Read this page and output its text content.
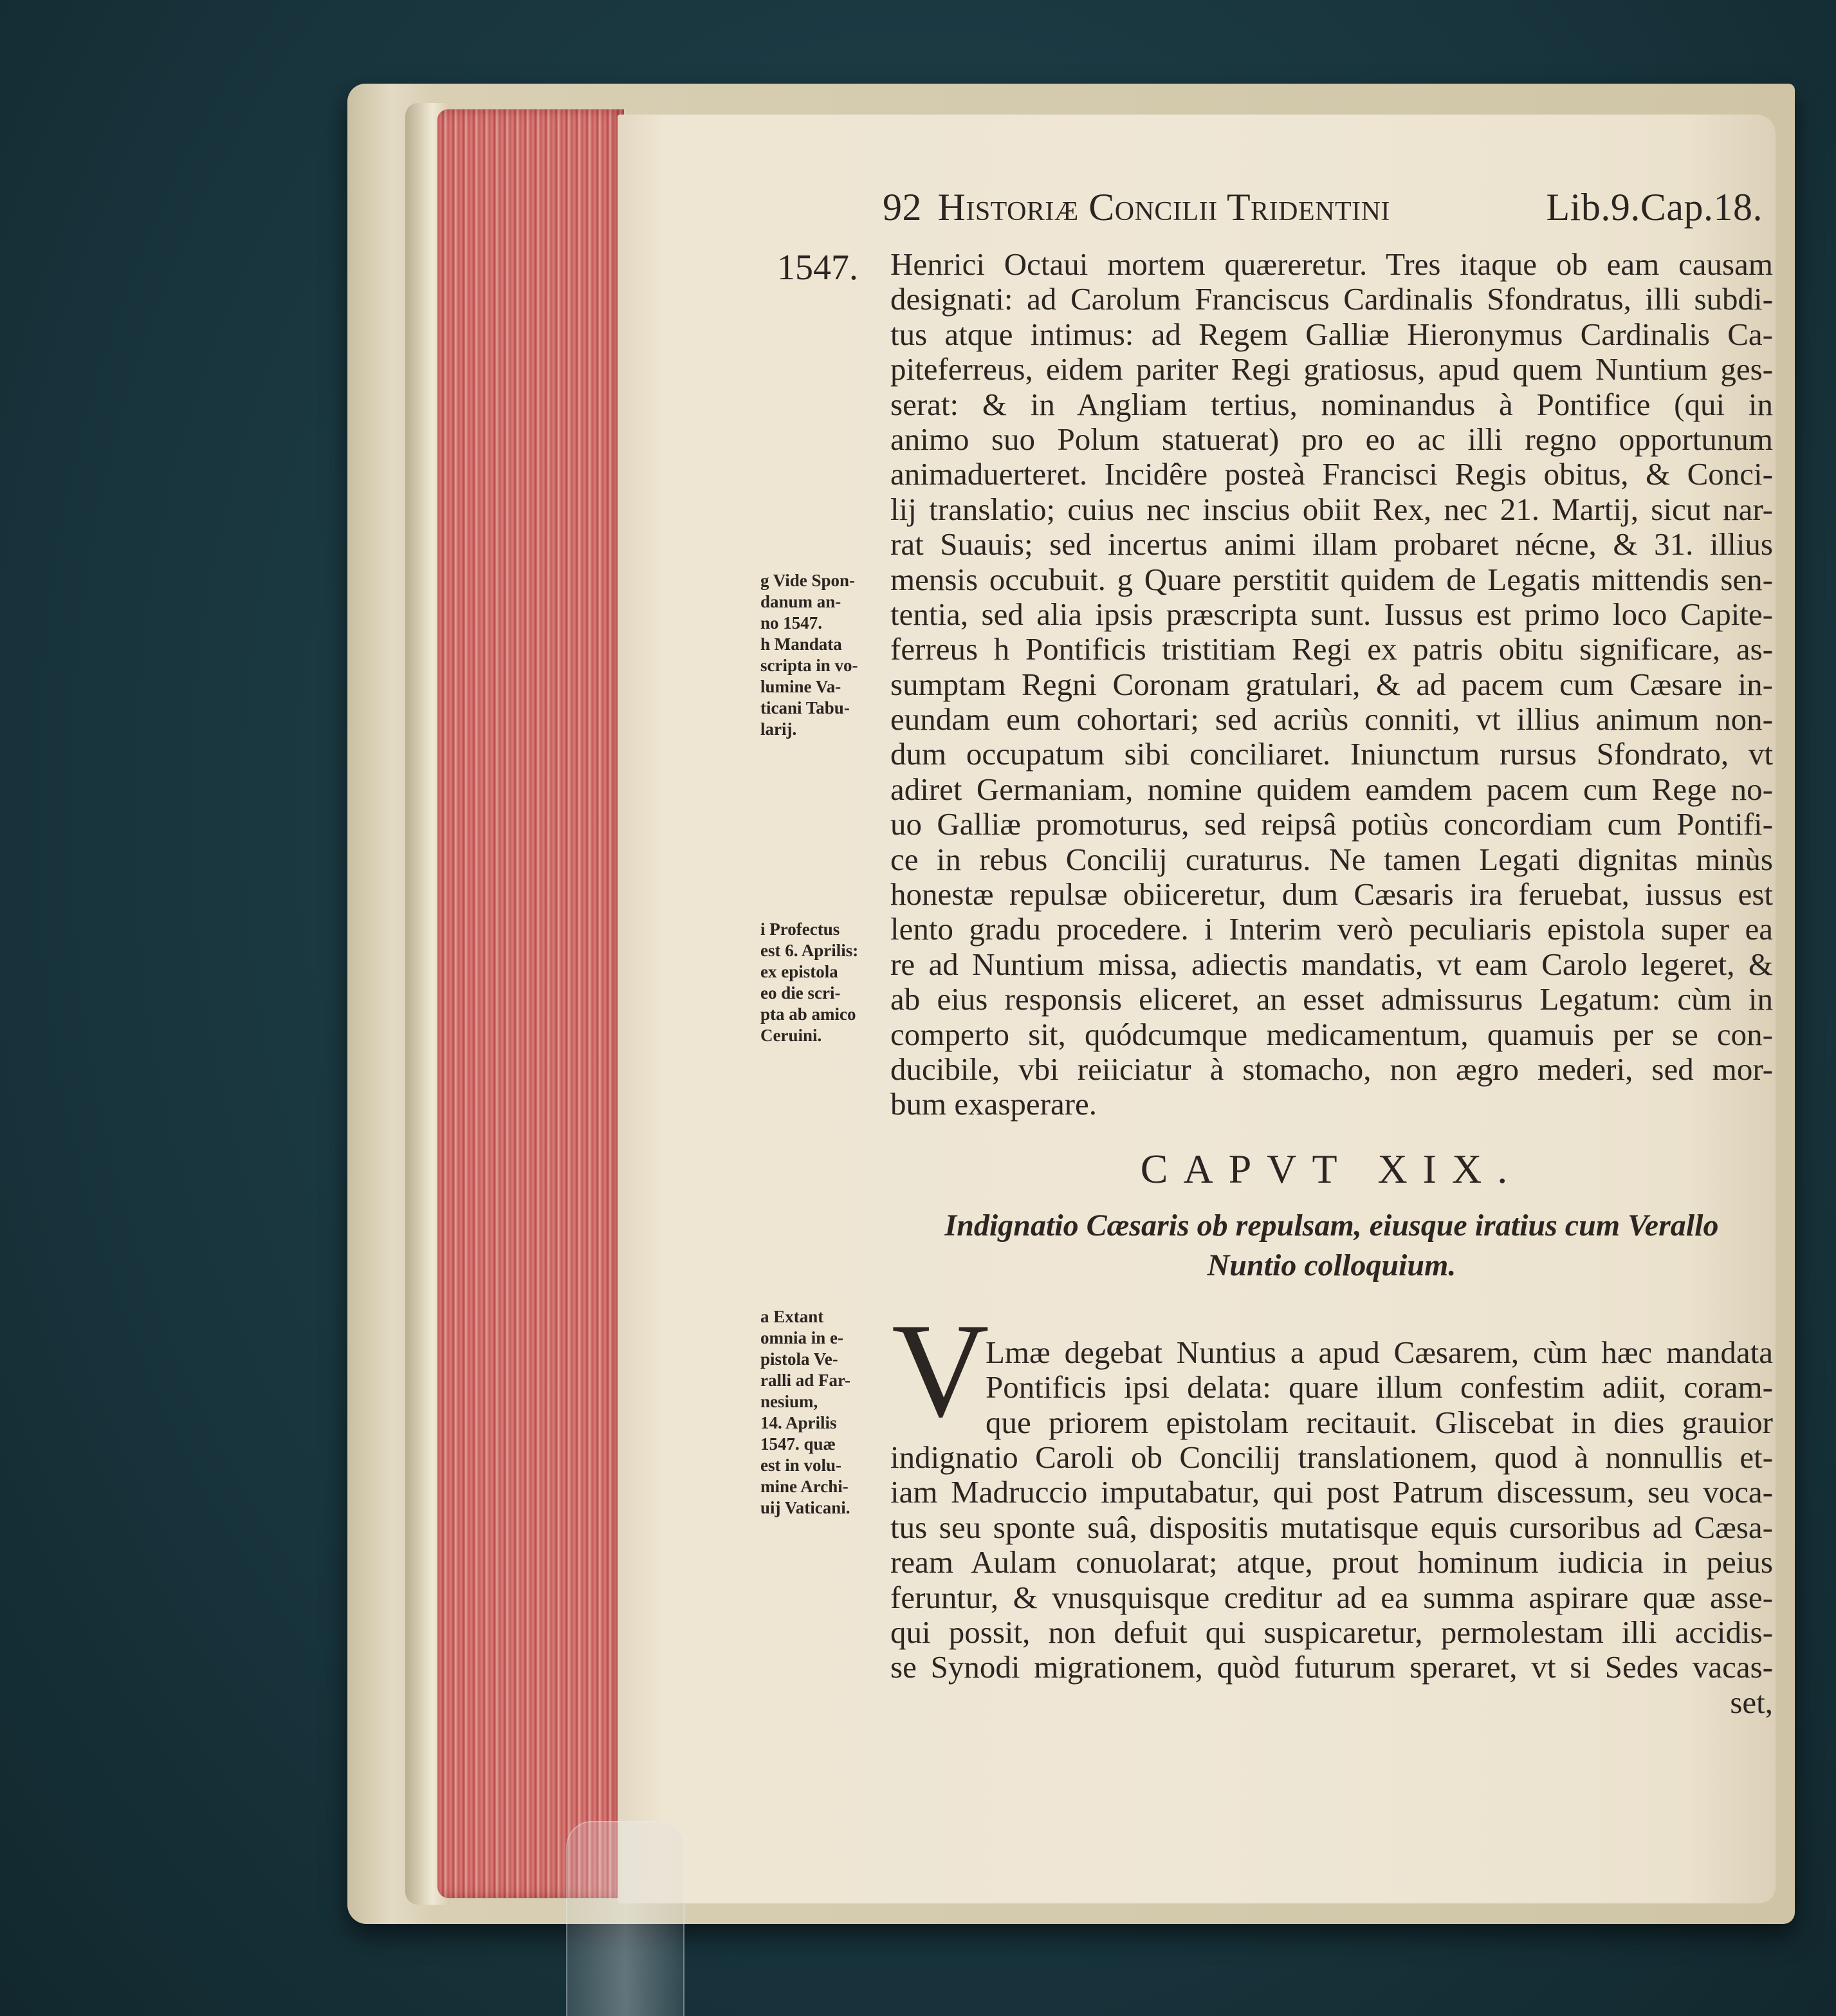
92 Historiæ Concilii Tridentini	Lib.9.Cap.18.
1547. Henrici Octaui mortem quæreretur. Tres itaque ob eam causam
designati: ad Carolum Franciscus Cardinalis Sfondratus, illi subdi-
tus atque intimus: ad Regem Galliæ Hieronymus Cardinalis Ca-
piteferreus, eidem pariter Regi gratiosus, apud quem Nuntium ges-
serat: & in Angliam tertius, nominandus à Pontifice (qui in
animo suo Polum statuerat) pro eo ac illi regno opportunum
animaduerteret. Incidêre posteà Francisci Regis obitus, & Conci-
lij translatio; cuius nec inscius obiit Rex, nec 21. Martij, sicut nar-
rat Suauis; sed incertus animi illam probaret nécne, & 31. illius
mensis occubuit. g Quare perstitit quidem de Legatis mittendis sen-
tentia, sed alia ipsis præscripta sunt. Iussus est primo loco Capite-
ferreus h Pontificis tristitiam Regi ex patris obitu significare, as-
sumptam Regni Coronam gratulari, & ad pacem cum Cæsare in-
eundam eum cohortari; sed acriùs conniti, vt illius animum non-
dum occupatum sibi conciliaret. Iniunctum rursus Sfondrato, vt
adiret Germaniam, nomine quidem eamdem pacem cum Rege no-
uo Galliæ promoturus, sed reipsâ potiùs concordiam cum Pontifi-
ce in rebus Concilij curaturus. Ne tamen Legati dignitas minùs
honestæ repulsæ obiiceretur, dum Cæsaris ira feruebat, iussus est
lento gradu procedere. i Interim verò peculiaris epistola super ea
re ad Nuntium missa, adiectis mandatis, vt eam Carolo legeret, &
ab eius responsis eliceret, an esset admissurus Legatum: cùm in
comperto sit, quódcumque medicamentum, quamuis per se con-
ducibile, vbi reiiciatur à stomacho, non ægro mederi, sed mor-
bum exasperare.
g Vide Spon-
danum an-
no 1547.
h Mandata
scripta in vo-
lumine Va-
ticani Tabu-
larij.
i Profectus
est 6. Aprilis:
ex epistola
eo die scri-
pta ab amico
Ceruini.
CAPVT XIX.
Indignatio Cæsaris ob repulsam, eiusque iratius cum Verallo
Nuntio colloquium.
V
Lmæ degebat Nuntius a apud Cæsarem, cùm hæc mandata
Pontificis ipsi delata: quare illum confestim adiit, coram-
que priorem epistolam recitauit. Gliscebat in dies grauior
indignatio Caroli ob Concilij translationem, quod à nonnullis et-
iam Madruccio imputabatur, qui post Patrum discessum, seu voca-
tus seu sponte suâ, dispositis mutatisque equis cursoribus ad Cæsa-
ream Aulam conuolarat; atque, prout hominum iudicia in peius
feruntur, & vnusquisque creditur ad ea summa aspirare quæ asse-
qui possit, non defuit qui suspicaretur, permolestam illi accidis-
se Synodi migrationem, quòd futurum speraret, vt si Sedes vacas-
set,
a Extant
omnia in e-
pistola Ve-
ralli ad Far-
nesium,
14. Aprilis
1547. quæ
est in volu-
mine Archi-
uij Vaticani.
